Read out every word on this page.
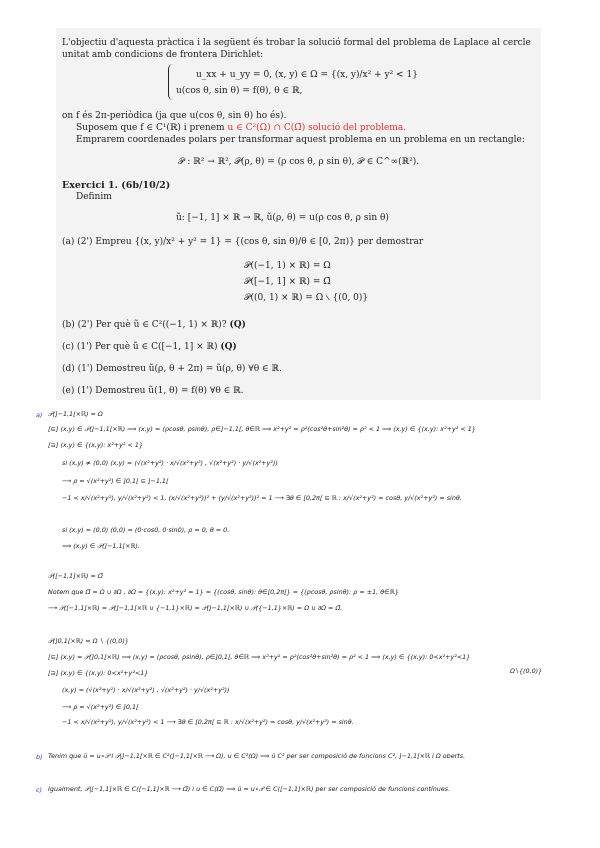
L'objectiu d'aquesta pràctica i la següent és trobar la solució formal del problema de Laplace al cercle
unitat amb condicions de frontera Dirichlet:
u_xx + u_yy = 0, (x, y) ∈ Ω = {(x, y)/x² + y² < 1}
u(cos θ, sin θ) = f(θ), θ ∈ ℝ,
on f és 2π-periòdica (ja que u(cos θ, sin θ) ho és).
Suposem que f ∈ C¹(ℝ) i prenem u ∈ C²(Ω) ∩ C(Ω̄) solució del problema.
Emprarem coordenades polars per transformar aquest problema en un problema en un rectangle:
𝒫 : ℝ² → ℝ², 𝒫(ρ, θ) = (ρ cos θ, ρ sin θ), 𝒫 ∈ C^∞(ℝ²).
Exercici 1. (6b/10/2)
Definim
ũ: [−1, 1] × ℝ → ℝ, ũ(ρ, θ) = u(ρ cos θ, ρ sin θ)
(a) (2') Empreu {(x, y)/x² + y² = 1} = {(cos θ, sin θ)/θ ∈ [0, 2π)} per demostrar
𝒫((−1, 1) × ℝ) = Ω
𝒫([−1, 1] × ℝ) = Ω̄
𝒫((0, 1) × ℝ) = Ω ∖ {(0, 0)}
(b) (2') Per què ũ ∈ C²((−1, 1) × ℝ)? (Q)
(c) (1') Per què ũ ∈ C([−1, 1] × ℝ) (Q)
(d) (1') Demostreu ũ(ρ, θ + 2π) = ũ(ρ, θ) ∀θ ∈ ℝ.
(e) (1') Demostreu ũ(1, θ) = f(θ) ∀θ ∈ ℝ.
a) 𝒫(]−1,1[×ℝ) = Ω
[⊆] (x,y) ∈ 𝒫(]−1,1[×ℝ) ⟹ (x,y) = (ρcosθ, ρsinθ), ρ∈]−1,1[, θ∈ℝ ⟹ x²+y² = ρ²(cos²θ+sin²θ) = ρ² < 1 ⟹ (x,y) ∈ {(x,y): x²+y² < 1}
[⊇] (x,y) ∈ {(x,y): x²+y² < 1}
si (x,y) ≠ (0,0) (x,y) = (√(x²+y²) · x/√(x²+y²) , √(x²+y²) · y/√(x²+y²))
⟶ ρ = √(x²+y²) ∈ ]0,1[ ⊆ ]−1,1[
−1 < x/√(x²+y²), y/√(x²+y²) < 1, (x/√(x²+y²))² + (y/√(x²+y²))² = 1 ⟶ ∃θ ∈ [0,2π[ ⊆ ℝ : x/√(x²+y²) = cosθ, y/√(x²+y²) = sinθ.
si (x,y) = (0,0) (0,0) = (0·cos0, 0·sin0), ρ = 0, θ = 0.
⟹ (x,y) ∈ 𝒫(]−1,1[×ℝ).
𝒫([−1,1]×ℝ) = Ω̄
Notem que Ω̄ = Ω ∪ ∂Ω , ∂Ω = {(x,y): x²+y² = 1} = {(cosθ, sinθ): θ∈[0,2π[} = {(ρcosθ, ρsinθ): ρ = ±1, θ∈ℝ}
⟶ 𝒫([−1,1]×ℝ) = 𝒫(]−1,1[×ℝ ∪ {−1,1}×ℝ) = 𝒫(]−1,1[×ℝ) ∪ 𝒫({−1,1}×ℝ) = Ω ∪ ∂Ω = Ω̄.
𝒫(]0,1[×ℝ) = Ω ∖ {(0,0)}
[⊆] (x,y) = 𝒫(]0,1[×ℝ) ⟹ (x,y) = (ρcosθ, ρsinθ), ρ∈]0,1[, θ∈ℝ ⟹ x²+y² = ρ²(cos²θ+sin²θ) = ρ² < 1 ⟹ (x,y) ∈ {(x,y): 0<x²+y²<1}
Ω∖{(0,0)}
[⊇] (x,y) ∈ {(x,y): 0<x²+y²<1}
(x,y) = (√(x²+y²) · x/√(x²+y²) , √(x²+y²) · y/√(x²+y²))
⟶ ρ = √(x²+y²) ∈ ]0,1[
−1 < x/√(x²+y²), y/√(x²+y²) < 1 ⟶ ∃θ ∈ [0,2π[ ⊆ ℝ : x/√(x²+y²) = cosθ, y/√(x²+y²) = sinθ.
b) Tenim que ũ = u∘𝒫 i 𝒫|]−1,1[×ℝ ∈ C²(]−1,1[×ℝ ⟶ Ω), u ∈ C²(Ω) ⟹ ũ C² per ser composició de funcions C², ]−1,1[×ℝ i Ω oberts.
c) Igualment, 𝒫|[−1,1]×ℝ ∈ C([−1,1]×ℝ ⟶ Ω̄) i u ∈ C(Ω̄) ⟹ ũ = u∘𝒫 ∈ C([−1,1]×ℝ) per ser composició de funcions contínues.
